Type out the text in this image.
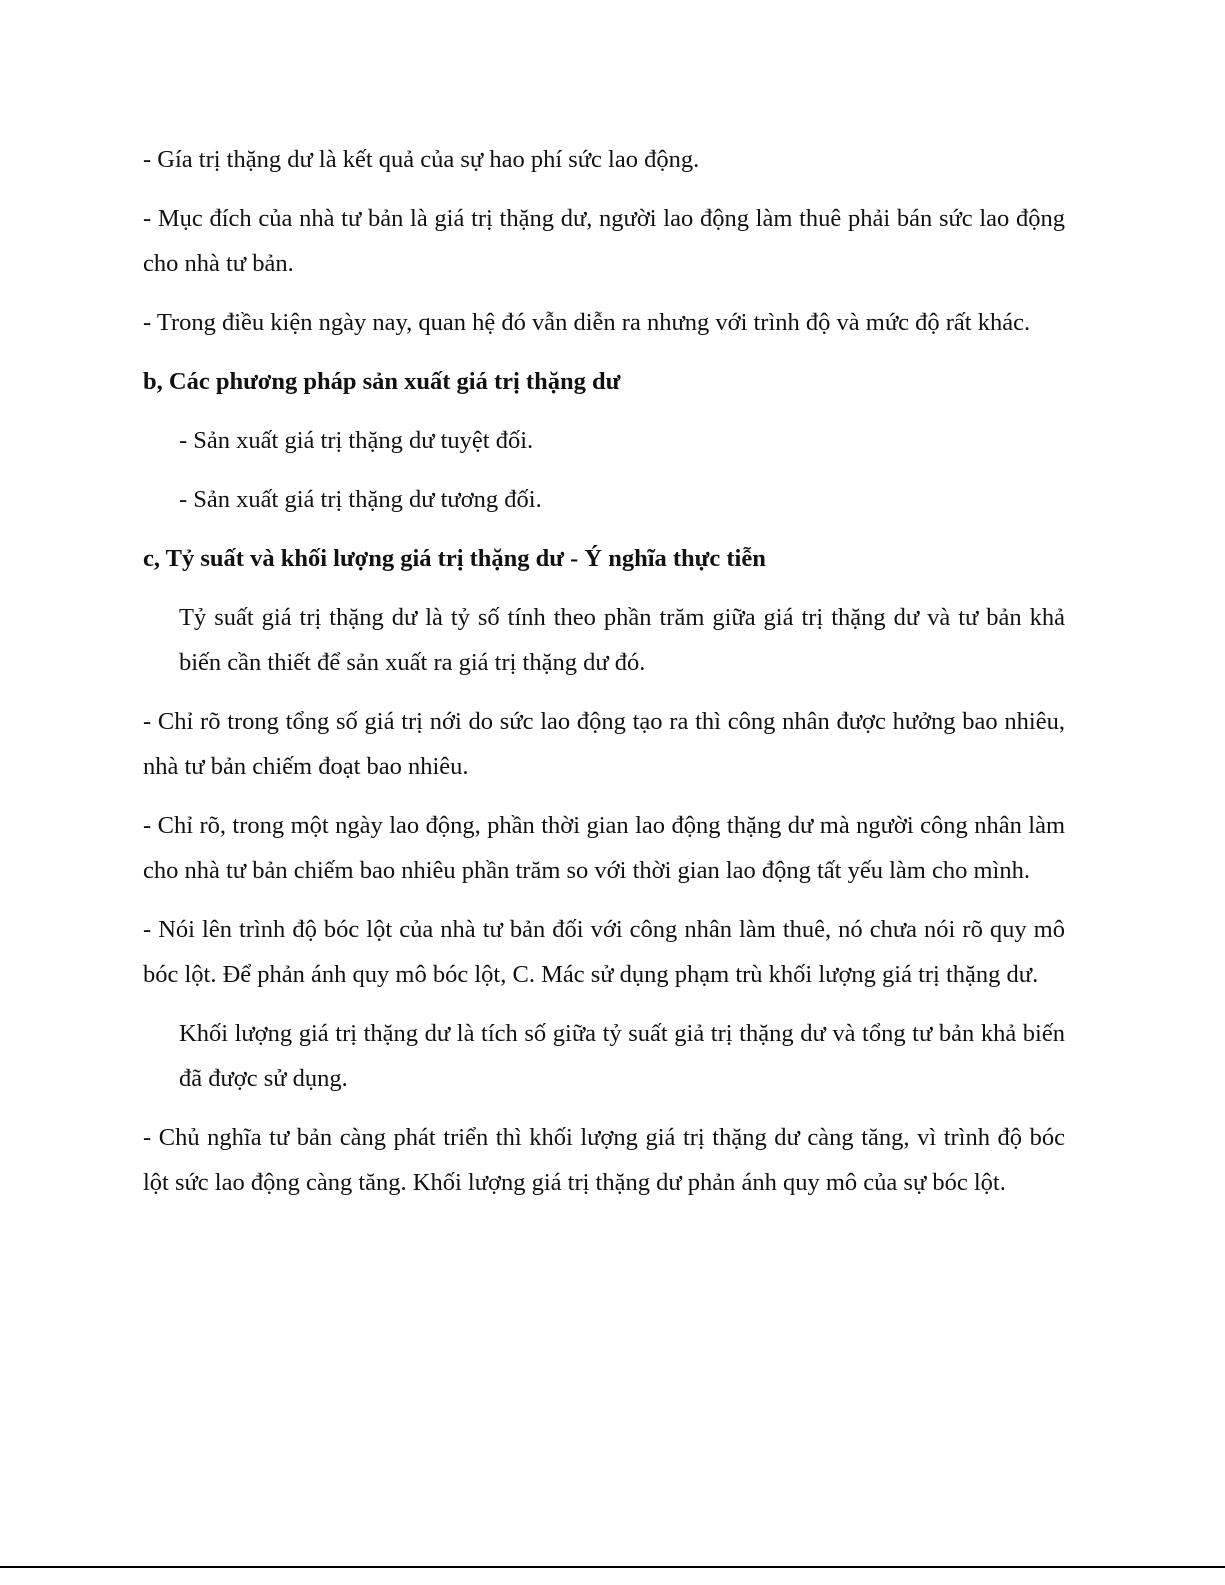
- Gía trị thặng dư là kết quả của sự hao phí sức lao động.

- Mục đích của nhà tư bản là giá trị thặng dư, người lao động làm thuê phải bán sức lao động cho nhà tư bản.

- Trong điều kiện ngày nay, quan hệ đó vẫn diễn ra nhưng với trình độ và mức độ rất khác.

b, Các phương pháp sản xuất giá trị thặng dư

- Sản xuất giá trị thặng dư tuyệt đối.

- Sản xuất giá trị thặng dư tương đối.

c, Tỷ suất và khối lượng giá trị thặng dư - Ý nghĩa thực tiễn

Tỷ suất giá trị thặng dư là tỷ số tính theo phần trăm giữa giá trị thặng dư và tư bản khả biến cần thiết để sản xuất ra giá trị thặng dư đó.

- Chỉ rõ trong tổng số giá trị nới do sức lao động tạo ra thì công nhân được hưởng bao nhiêu, nhà tư bản chiếm đoạt bao nhiêu.

- Chỉ rõ, trong một ngày lao động, phần thời gian lao động thặng dư mà người công nhân làm cho nhà tư bản chiếm bao nhiêu phần trăm so với thời gian lao động tất yếu làm cho mình.

- Nói lên trình độ bóc lột của nhà tư bản đối với công nhân làm thuê, nó chưa nói rõ quy mô bóc lột. Để phản ánh quy mô bóc lột, C. Mác sử dụng phạm trù khối lượng giá trị thặng dư.

Khối lượng giá trị thặng dư là tích số giữa tỷ suất giả trị thặng dư và tổng tư bản khả biến đã được sử dụng.

- Chủ nghĩa tư bản càng phát triển thì khối lượng giá trị thặng dư càng tăng, vì trình độ bóc lột sức lao động càng tăng. Khối lượng giá trị thặng dư phản ánh quy mô của sự bóc lột.
